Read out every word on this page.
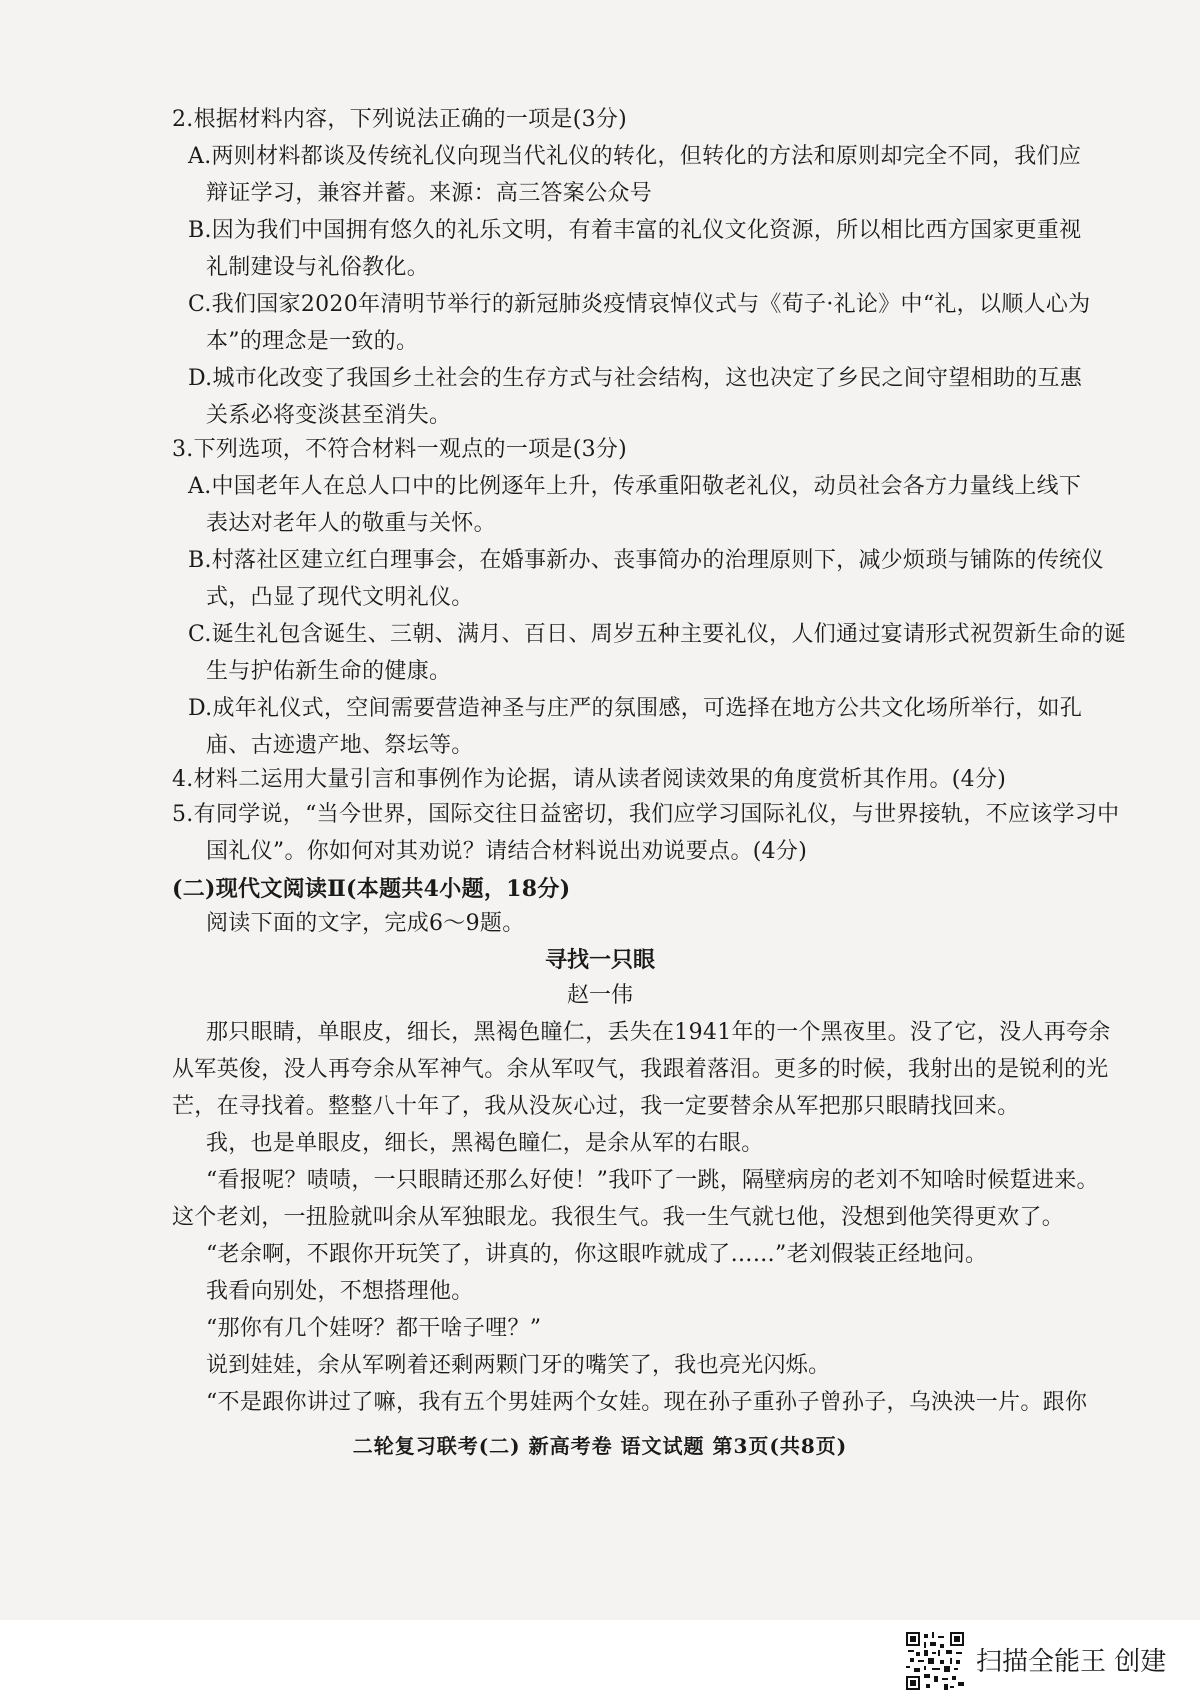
2.根据材料内容，下列说法正确的一项是(3分)
A.两则材料都谈及传统礼仪向现当代礼仪的转化，但转化的方法和原则却完全不同，我们应
辩证学习，兼容并蓄。来源：高三答案公众号
B.因为我们中国拥有悠久的礼乐文明，有着丰富的礼仪文化资源，所以相比西方国家更重视
礼制建设与礼俗教化。
C.我们国家2020年清明节举行的新冠肺炎疫情哀悼仪式与《荀子·礼论》中“礼，以顺人心为
本”的理念是一致的。
D.城市化改变了我国乡土社会的生存方式与社会结构，这也决定了乡民之间守望相助的互惠
关系必将变淡甚至消失。
3.下列选项，不符合材料一观点的一项是(3分)
A.中国老年人在总人口中的比例逐年上升，传承重阳敬老礼仪，动员社会各方力量线上线下
表达对老年人的敬重与关怀。
B.村落社区建立红白理事会，在婚事新办、丧事简办的治理原则下，减少烦琐与铺陈的传统仪
式，凸显了现代文明礼仪。
C.诞生礼包含诞生、三朝、满月、百日、周岁五种主要礼仪，人们通过宴请形式祝贺新生命的诞
生与护佑新生命的健康。
D.成年礼仪式，空间需要营造神圣与庄严的氛围感，可选择在地方公共文化场所举行，如孔
庙、古迹遗产地、祭坛等。
4.材料二运用大量引言和事例作为论据，请从读者阅读效果的角度赏析其作用。(4分)
5.有同学说，“当今世界，国际交往日益密切，我们应学习国际礼仪，与世界接轨，不应该学习中
国礼仪”。你如何对其劝说？请结合材料说出劝说要点。(4分)
(二)现代文阅读Ⅱ(本题共4小题，18分)
阅读下面的文字，完成6～9题。
寻找一只眼
赵一伟
那只眼睛，单眼皮，细长，黑褐色瞳仁，丢失在1941年的一个黑夜里。没了它，没人再夸余
从军英俊，没人再夸余从军神气。余从军叹气，我跟着落泪。更多的时候，我射出的是锐利的光
芒，在寻找着。整整八十年了，我从没灰心过，我一定要替余从军把那只眼睛找回来。
我，也是单眼皮，细长，黑褐色瞳仁，是余从军的右眼。
“看报呢？啧啧，一只眼睛还那么好使！”我吓了一跳，隔壁病房的老刘不知啥时候踅进来。
这个老刘，一扭脸就叫余从军独眼龙。我很生气。我一生气就乜他，没想到他笑得更欢了。
“老余啊，不跟你开玩笑了，讲真的，你这眼咋就成了……”老刘假装正经地问。
我看向别处，不想搭理他。
“那你有几个娃呀？都干啥子哩？”
说到娃娃，余从军咧着还剩两颗门牙的嘴笑了，我也亮光闪烁。
“不是跟你讲过了嘛，我有五个男娃两个女娃。现在孙子重孙子曾孙子，乌泱泱一片。跟你
二轮复习联考(二) 新高考卷 语文试题 第3页(共8页)
扫描全能王 创建
